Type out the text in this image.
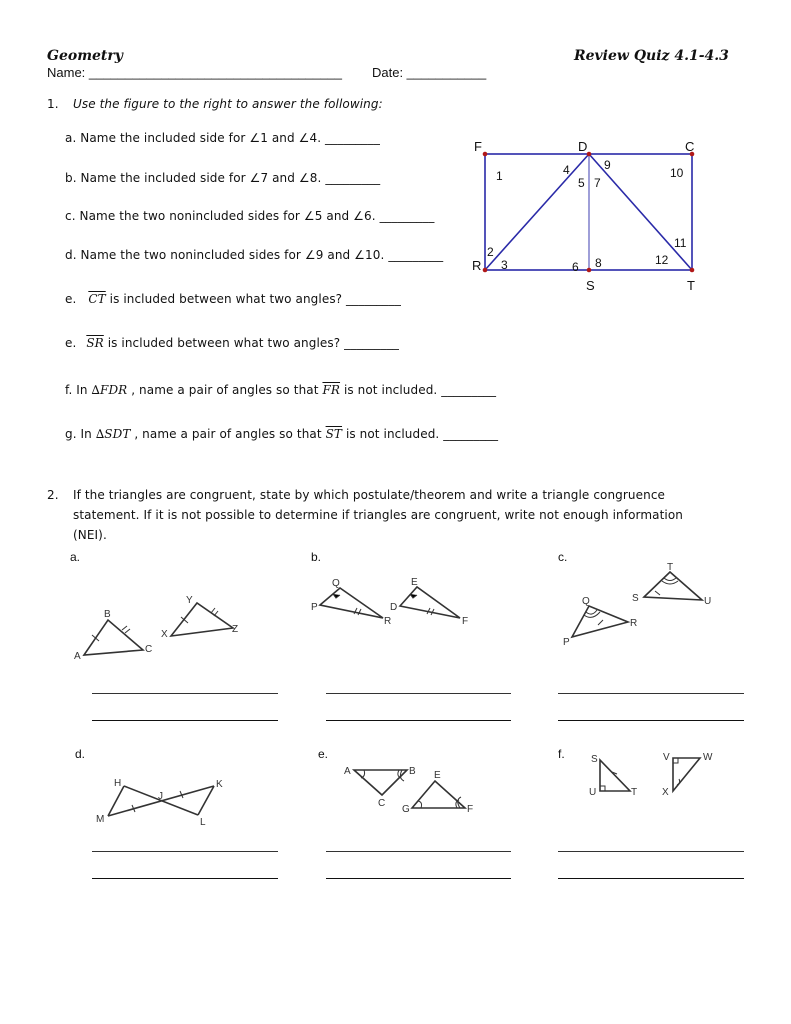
Geometry	Review Quiz 4.1-4.3
Name: ___________________________________ Date: ___________
1. Use the figure to the right to answer the following:
a. Name the included side for ∠1 and ∠4. _________
b. Name the included side for ∠7 and ∠8. _________
c. Name the two nonincluded sides for ∠5 and ∠6. _________
d. Name the two nonincluded sides for ∠9 and ∠10. _________
e. $\overline{CT}$ is included between what two angles? _________
e. $\overline{SR}$ is included between what two angles? _________
f. In ∆FDR , name a pair of angles so that $\overline{FR}$ is not included. _________
g. In ∆SDT , name a pair of angles so that $\overline{ST}$ is not included. _________
F	D	C
R
S	T
1
2
3
4
5
6
7
8
9
10
11
12
2. If the triangles are congruent, state by which postulate/theorem and write a triangle congruence
statement. If it is not possible to determine if triangles are congruent, write not enough information
(NEI).
a.	b.	c.
d.	e.	f.
A
B
C
X
Y
Z
P
Q
R
D
E
F
P
Q
R
S
T
U
H
J
K
M	L
A	B
C
E
G	F
S
U	T
V	W
X
